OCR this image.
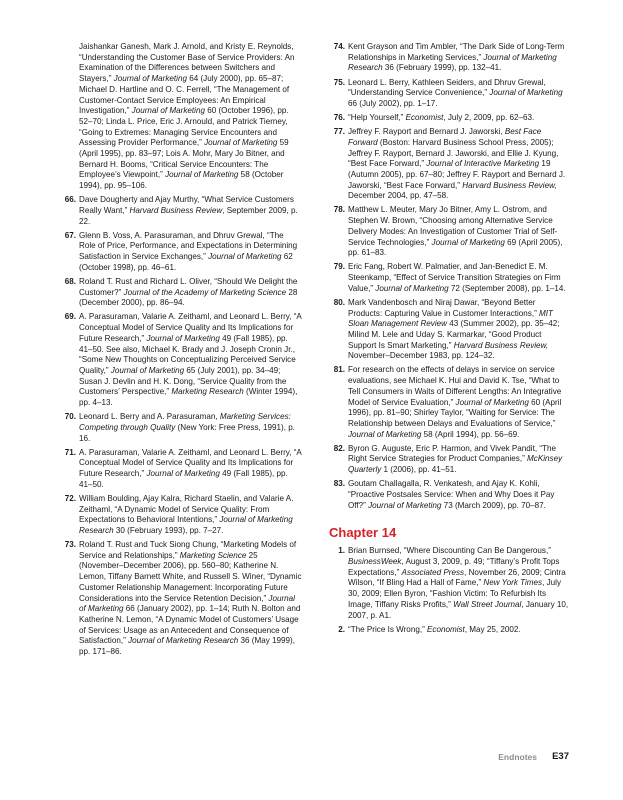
Jaishankar Ganesh, Mark J. Arnold, and Kristy E. Reynolds, “Understanding the Customer Base of Service Providers: An Examination of the Differences between Switchers and Stayers,” Journal of Marketing 64 (July 2000), pp. 65–87; Michael D. Hartline and O. C. Ferrell, “The Management of Customer-Contact Service Employees: An Empirical Investigation,” Journal of Marketing 60 (October 1996), pp. 52–70; Linda L. Price, Eric J. Arnould, and Patrick Tierney, “Going to Extremes: Managing Service Encounters and Assessing Provider Performance,” Journal of Marketing 59 (April 1995), pp. 83–97; Lois A. Mohr, Mary Jo Bitner, and Bernard H. Booms, “Critical Service Encounters: The Employee’s Viewpoint,” Journal of Marketing 58 (October 1994), pp. 95–106.
66. Dave Dougherty and Ajay Murthy, “What Service Customers Really Want,” Harvard Business Review, September 2009, p. 22.
67. Glenn B. Voss, A. Parasuraman, and Dhruv Grewal, “The Role of Price, Performance, and Expectations in Determining Satisfaction in Service Exchanges,” Journal of Marketing 62 (October 1998), pp. 46–61.
68. Roland T. Rust and Richard L. Oliver, “Should We Delight the Customer?” Journal of the Academy of Marketing Science 28 (December 2000), pp. 86–94.
69. A. Parasuraman, Valarie A. Zeithaml, and Leonard L. Berry, “A Conceptual Model of Service Quality and Its Implications for Future Research,” Journal of Marketing 49 (Fall 1985), pp. 41–50. See also, Michael K. Brady and J. Joseph Cronin Jr., “Some New Thoughts on Conceptualizing Perceived Service Quality,” Journal of Marketing 65 (July 2001), pp. 34–49; Susan J. Devlin and H. K. Dong, “Service Quality from the Customers’ Perspective,” Marketing Research (Winter 1994), pp. 4–13.
70. Leonard L. Berry and A. Parasuraman, Marketing Services: Competing through Quality (New York: Free Press, 1991), p. 16.
71. A. Parasuraman, Valarie A. Zeithaml, and Leonard L. Berry, “A Conceptual Model of Service Quality and Its Implications for Future Research,” Journal of Marketing 49 (Fall 1985), pp. 41–50.
72. William Boulding, Ajay Kalra, Richard Staelin, and Valarie A. Zeithaml, “A Dynamic Model of Service Quality: From Expectations to Behavioral Intentions,” Journal of Marketing Research 30 (February 1993), pp. 7–27.
73. Roland T. Rust and Tuck Siong Chung, “Marketing Models of Service and Relationships,” Marketing Science 25 (November–December 2006), pp. 560–80; Katherine N. Lemon, Tiffany Barnett White, and Russell S. Winer, “Dynamic Customer Relationship Management: Incorporating Future Considerations into the Service Retention Decision,” Journal of Marketing 66 (January 2002), pp. 1–14; Ruth N. Bolton and Katherine N. Lemon, “A Dynamic Model of Customers’ Usage of Services: Usage as an Antecedent and Consequence of Satisfaction,” Journal of Marketing Research 36 (May 1999), pp. 171–86.
74. Kent Grayson and Tim Ambler, “The Dark Side of Long-Term Relationships in Marketing Services,” Journal of Marketing Research 36 (February 1999), pp. 132–41.
75. Leonard L. Berry, Kathleen Seiders, and Dhruv Grewal, “Understanding Service Convenience,” Journal of Marketing 66 (July 2002), pp. 1–17.
76. “Help Yourself,” Economist, July 2, 2009, pp. 62–63.
77. Jeffrey F. Rayport and Bernard J. Jaworski, Best Face Forward (Boston: Harvard Business School Press, 2005); Jeffrey F. Rayport, Bernard J. Jaworski, and Ellie J. Kyung, “Best Face Forward,” Journal of Interactive Marketing 19 (Autumn 2005), pp. 67–80; Jeffrey F. Rayport and Bernard J. Jaworski, “Best Face Forward,” Harvard Business Review, December 2004, pp. 47–58.
78. Matthew L. Meuter, Mary Jo Bitner, Amy L. Ostrom, and Stephen W. Brown, “Choosing among Alternative Service Delivery Modes: An Investigation of Customer Trial of Self-Service Technologies,” Journal of Marketing 69 (April 2005), pp. 61–83.
79. Eric Fang, Robert W. Palmatier, and Jan-Benedict E. M. Steenkamp, “Effect of Service Transition Strategies on Firm Value,” Journal of Marketing 72 (September 2008), pp. 1–14.
80. Mark Vandenbosch and Niraj Dawar, “Beyond Better Products: Capturing Value in Customer Interactions,” MIT Sloan Management Review 43 (Summer 2002), pp. 35–42; Milind M. Lele and Uday S. Karmarkar, “Good Product Support Is Smart Marketing,” Harvard Business Review, November–December 1983, pp. 124–32.
81. For research on the effects of delays in service on service evaluations, see Michael K. Hui and David K. Tse, “What to Tell Consumers in Waits of Different Lengths: An Integrative Model of Service Evaluation,” Journal of Marketing 60 (April 1996), pp. 81–90; Shirley Taylor, “Waiting for Service: The Relationship between Delays and Evaluations of Service,” Journal of Marketing 58 (April 1994), pp. 56–69.
82. Byron G. Auguste, Eric P. Harmon, and Vivek Pandit, “The Right Service Strategies for Product Companies,” McKinsey Quarterly 1 (2006), pp. 41–51.
83. Goutam Challagalla, R. Venkatesh, and Ajay K. Kohli, “Proactive Postsales Service: When and Why Does it Pay Off?” Journal of Marketing 73 (March 2009), pp. 70–87.
Chapter 14
1. Brian Burnsed, “Where Discounting Can Be Dangerous,” BusinessWeek, August 3, 2009, p. 49; “Tiffany’s Profit Tops Expectations,” Associated Press, November 26, 2009; Cintra Wilson, “If Bling Had a Hall of Fame,” New York Times, July 30, 2009; Ellen Byron, “Fashion Victim: To Refurbish Its Image, Tiffany Risks Profits,” Wall Street Journal, January 10, 2007, p. A1.
2. “The Price Is Wrong,” Economist, May 25, 2002.
Endnotes E37
